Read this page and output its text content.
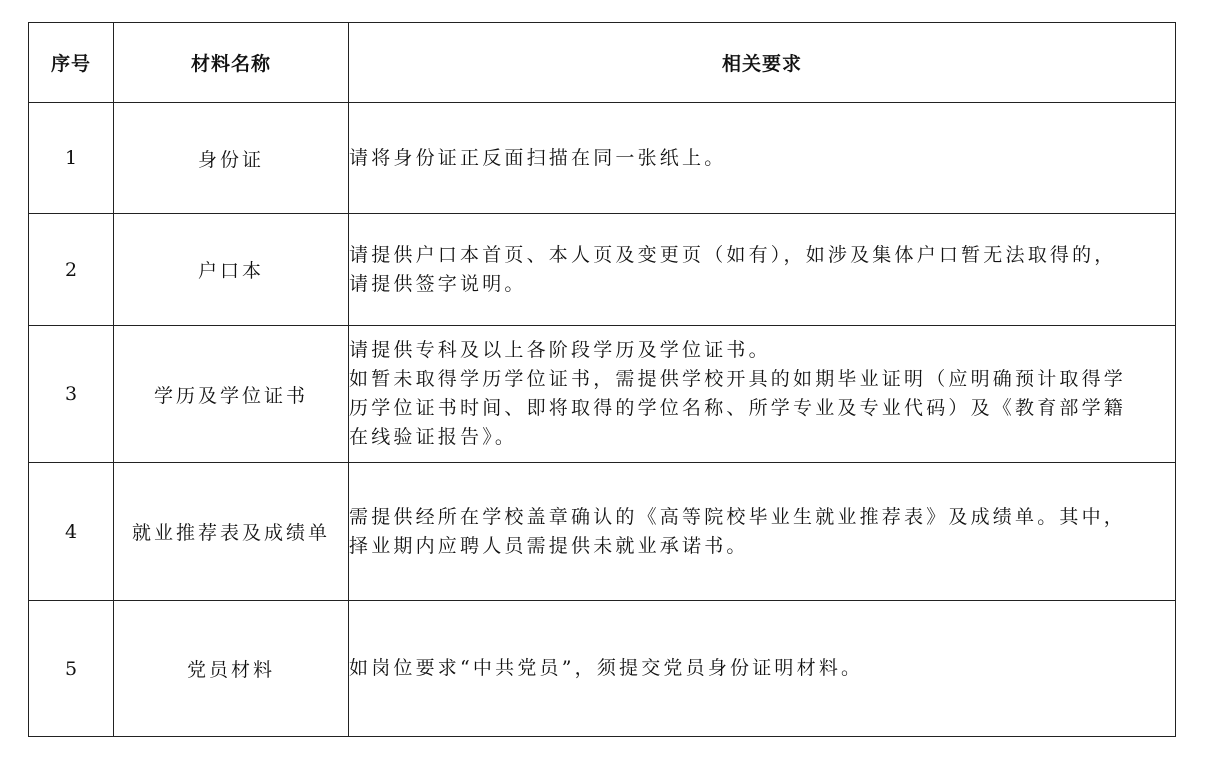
序号	材料名称	相关要求
1	身份证	请将身份证正反面扫描在同一张纸上。

2	户口本	请提供户口本首页、本人页及变更页（如有），如涉及集体户口暂无法取得的，
请提供签字说明。

3	学历及学位证书	请提供专科及以上各阶段学历及学位证书。
如暂未取得学历学位证书，需提供学校开具的如期毕业证明（应明确预计取得学
历学位证书时间、即将取得的学位名称、所学专业及专业代码）及《教育部学籍
在线验证报告》。

4	就业推荐表及成绩单	需提供经所在学校盖章确认的《高等院校毕业生就业推荐表》及成绩单。其中，
择业期内应聘人员需提供未就业承诺书。

5	党员材料	如岗位要求“中共党员”，须提交党员身份证明材料。
